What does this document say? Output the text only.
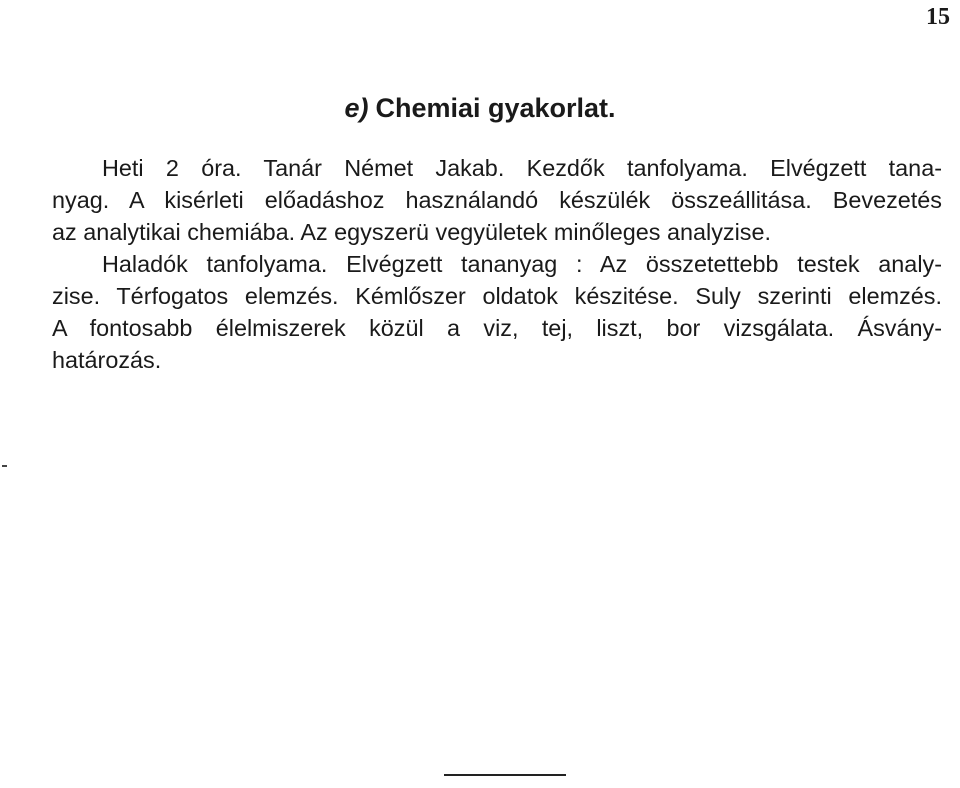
15
e) Chemiai gyakorlat.
Heti 2 óra. Tanár Német Jakab. Kezdők tanfolyama. Elvégzett tana-
nyag. A kisérleti előadáshoz használandó készülék összeállitása. Bevezetés
az analytikai chemiába. Az egyszerü vegyületek minőleges analyzise.
Haladók tanfolyama. Elvégzett tananyag : Az összetettebb testek analy-
zise. Térfogatos elemzés. Kémlőszer oldatok készitése. Suly szerinti elemzés.
A fontosabb élelmiszerek közül a viz, tej, liszt, bor vizsgálata. Ásvány-
határozás.
